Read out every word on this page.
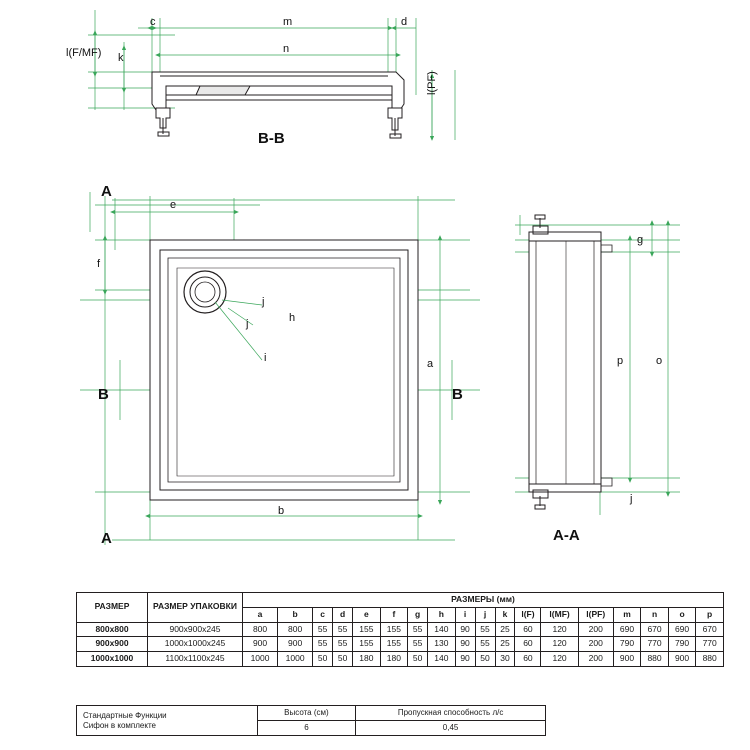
m
n
c	d
l(F/MF) k
l(PF)
B-B
A
A
B	B
e
f
a
b
h
i
j
j
g
p	o
j
A-A
РАЗМЕР	РАЗМЕР УПАКОВКИ	РАЗМЕРЫ (мм)																	
		a	b	c	d	e	f	g	h	i	j	k	l(F)	l(MF)	l(PF)	m	n	o	p
800x800	900x900x245	800	800	55	55	155	155	55	140	90	55	25	60	120	200	690	670	690	670
900x900	1000x1000x245	900	900	55	55	155	155	55	130	90	55	25	60	120	200	790	770	790	770
1000x1000	1100x1100x245	1000	1000	50	50	180	180	50	140	90	50	30	60	120	200	900	880	900	880
Стандартные Функции
Сифон в комплекте	Высота (см)	Пропускная способность л/с
	6	0,45
